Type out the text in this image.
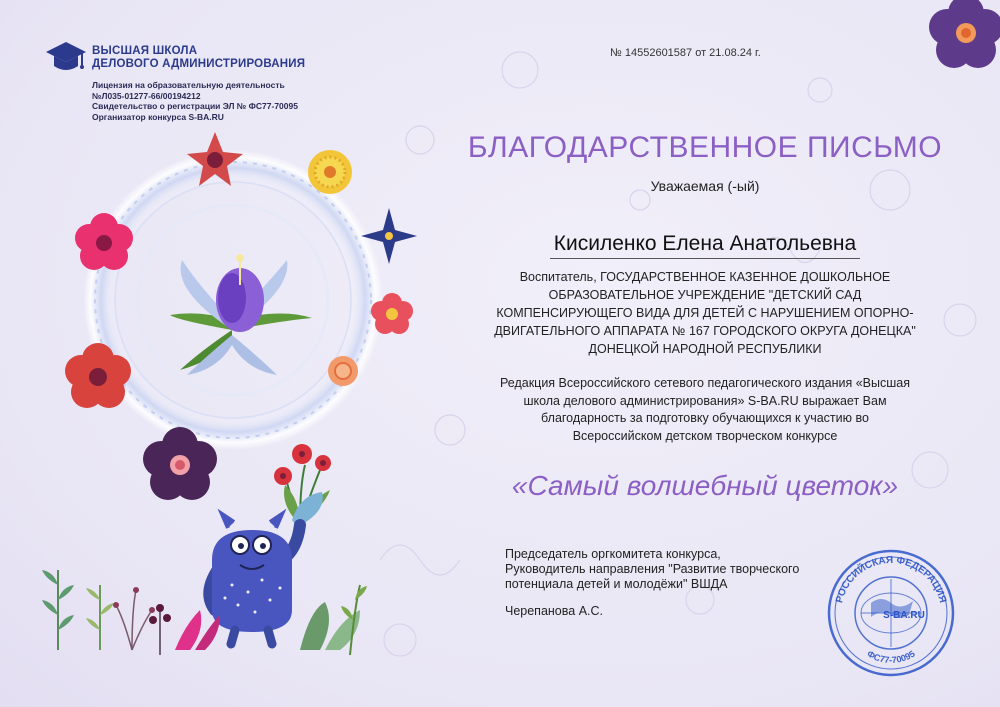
ВЫСШАЯ ШКОЛА
ДЕЛОВОГО АДМИНИСТРИРОВАНИЯ
Лицензия на образовательную деятельность
№Л035-01277-66/00194212
Свидетельство о регистрации ЭЛ № ФС77-70095
Организатор конкурса S-BA.RU
№ 14552601587 от 21.08.24 г.
БЛАГОДАРСТВЕННОЕ ПИСЬМО
Уважаемая (-ый)
Кисиленко Елена Анатольевна
Воспитатель, ГОСУДАРСТВЕННОЕ КАЗЕННОЕ ДОШКОЛЬНОЕ ОБРАЗОВАТЕЛЬНОЕ УЧРЕЖДЕНИЕ "ДЕТСКИЙ САД КОМПЕНСИРУЮЩЕГО ВИДА ДЛЯ ДЕТЕЙ С НАРУШЕНИЕМ ОПОРНО-ДВИГАТЕЛЬНОГО АППАРАТА № 167 ГОРОДСКОГО ОКРУГА ДОНЕЦКА" ДОНЕЦКОЙ НАРОДНОЙ РЕСПУБЛИКИ
Редакция Всероссийского сетевого педагогического издания «Высшая школа делового администрирования» S-BA.RU выражает Вам благодарность за подготовку обучающихся к участию во Всероссийском детском творческом конкурсе
«Самый волшебный цветок»
Председатель оргкомитета конкурса,
Руководитель направления "Развитие творческого
потенциала детей и молодёжи" ВШДА
Черепанова А.С.
РОССИЙСКАЯ ФЕДЕРАЦИЯ
ФС77-70095
S-BA.RU
